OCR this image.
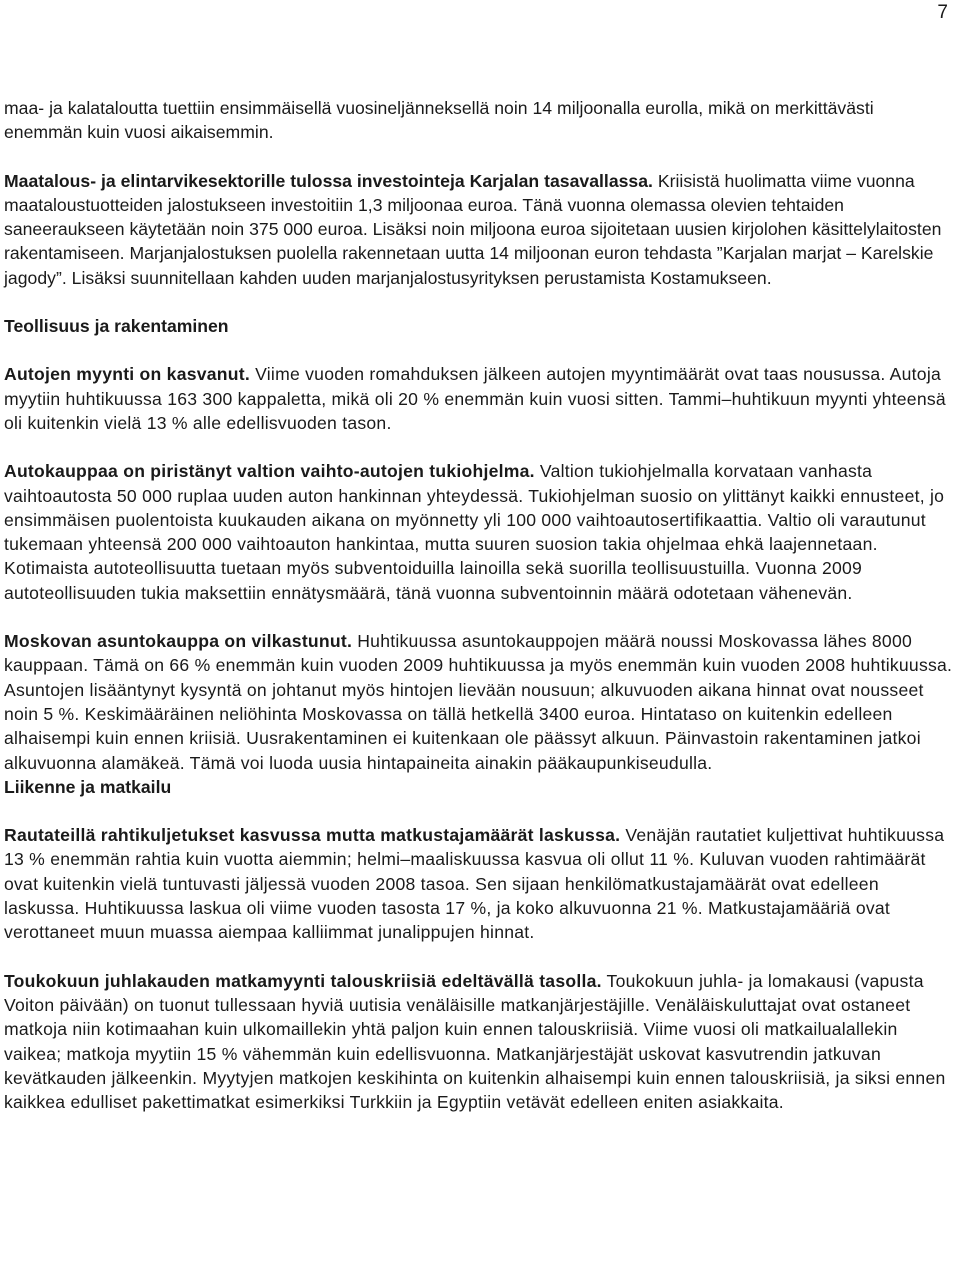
7

maa- ja kalatalouttа tuettiin ensimmäisellä vuosineljänneksellä noin 14 miljoonalla eurolla, mikä on merkittävästi enemmän kuin vuosi aikaisemmin.

Maatalous- ja elintarvikesektorille tulossa investointeja Karjalan tasavallassa. Kriisistä huolimatta viime vuonna maataloustuotteiden jalostukseen investoitiin 1,3 miljoonaa euroa. Tänä vuonna olemassa olevien tehtaiden saneeraukseen käytetään noin 375 000 euroa. Lisäksi noin miljoona euroa sijoitetaan uusien kirjolohen käsittelylaitosten rakentamiseen. Marjanjalostuksen puolella rakennetaan uutta 14 miljoonan euron tehdasta ”Karjalan marjat – Karelskie jagody”. Lisäksi suunnitellaan kahden uuden marjanjalostusyrityksen perustamista Kostamukseen.

Teollisuus ja rakentaminen

Autojen myynti on kasvanut. Viime vuoden romahduksen jälkeen autojen myyntimäärät ovat taas nousussa. Autoja myytiin huhtikuussa 163 300 kappaletta, mikä oli 20 % enemmän kuin vuosi sitten. Tammi–huhtikuun myynti yhteensä oli kuitenkin vielä 13 % alle edellisvuoden tason.

Autokauppaa on piristänyt valtion vaihto-autojen tukiohjelma. Valtion tukiohjelmalla korvataan vanhasta vaihtoautosta 50 000 ruplaa uuden auton hankinnan yhteydessä. Tukiohjelman suosio on ylittänyt kaikki ennusteet, jo ensimmäisen puolentoista kuukauden aikana on myönnetty yli 100 000 vaihtoautosertifikaattia. Valtio oli varautunut tukemaan yhteensä 200 000 vaihtoauton hankintaa, mutta suuren suosion takia ohjelmaa ehkä laajennetaan. Kotimaista autoteollisuutta tuetaan myös subventoiduilla lainoilla sekä suorilla teollisuustuilla. Vuonna 2009 autoteollisuuden tukia maksettiin ennätysmäärä, tänä vuonna subventoinnin määrä odotetaan vähenevän.

Moskovan asuntokauppa on vilkastunut. Huhtikuussa asuntokauppojen määrä noussi Moskovassa lähes 8000 kauppaan. Tämä on 66 % enemmän kuin vuoden 2009 huhtikuussa ja myös enemmän kuin vuoden 2008 huhtikuussa. Asuntojen lisääntynyt kysyntä on johtanut myös hintojen lievään nousuun; alkuvuoden aikana hinnat ovat nousseet noin 5 %. Keskimääräinen neliöhinta Moskovassa on tällä hetkellä 3400 euroa. Hintataso on kuitenkin edelleen alhaisempi kuin ennen kriisiä. Uusrakentaminen ei kuitenkaan ole päässyt alkuun. Päinvastoin rakentaminen jatkoi alkuvuonna alamäkeä. Tämä voi luoda uusia hintapaineita ainakin pääkaupunkiseudulla.

Liikenne ja matkailu

Rautateillä rahtikuljetukset kasvussa mutta matkustajamäärät laskussa. Venäjän rautatiet kuljettivat huhtikuussa 13 % enemmän rahtia kuin vuotta aiemmin; helmi–maaliskuussa kasvua oli ollut 11 %. Kuluvan vuoden rahtimäärät ovat kuitenkin vielä tuntuvasti jäljessä vuoden 2008 tasoa. Sen sijaan henkilömatkustajamäärät ovat edelleen laskussa. Huhtikuussa laskua oli viime vuoden tasosta 17 %, ja koko alkuvuonna 21 %. Matkustajamääriä ovat verottaneet muun muassa aiempaa kalliimmat junalippujen hinnat.

Toukokuun juhlakauden matkamyynti talouskriisiä edeltävällä tasolla. Toukokuun juhla- ja lomakausi (vapusta Voiton päivään) on tuonut tullessaan hyviä uutisia venäläisille matkanjärjestäjille. Venäläiskuluttajat ovat ostaneet matkoja niin kotimaahan kuin ulkomaillekin yhtä paljon kuin ennen talouskriisiä. Viime vuosi oli matkailualallekin vaikea; matkoja myytiin 15 % vähemmän kuin edellisvuonna. Matkanjärjestäjät uskovat kasvutrendin jatkuvan kevätkauden jälkeenkin. Myytyjen matkojen keskihinta on kuitenkin alhaisempi kuin ennen talouskriisiä, ja siksi ennen kaikkea edulliset pakettimatkat esimerkiksi Turkkiin ja Egyptiin vetävät edelleen eniten asiakkaita.
